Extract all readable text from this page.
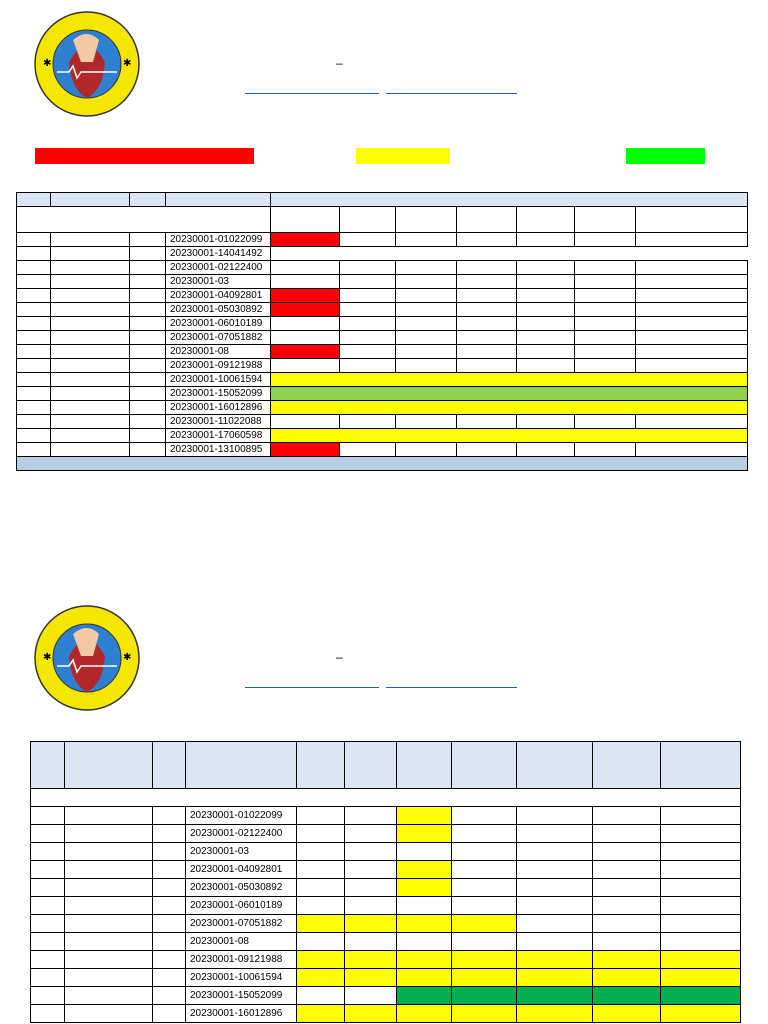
✱	✱	–

			20230001-01022099							
			20230001-14041492							
			20230001-02122400							
			20230001-03							
			20230001-04092801							
			20230001-05030892							
			20230001-06010189							
			20230001-07051882							
			20230001-08							
			20230001-09121988							
			20230001-10061594							
			20230001-15052099							
			20230001-16012896							
			20230001-11022088							
			20230001-17060598							
			20230001-13100895							

✱	✱	–

			20230001-01022099							
			20230001-02122400							
			20230001-03							
			20230001-04092801							
			20230001-05030892							
			20230001-06010189							
			20230001-07051882							
			20230001-08							
			20230001-09121988							
			20230001-10061594							
			20230001-15052099							
			20230001-16012896							
